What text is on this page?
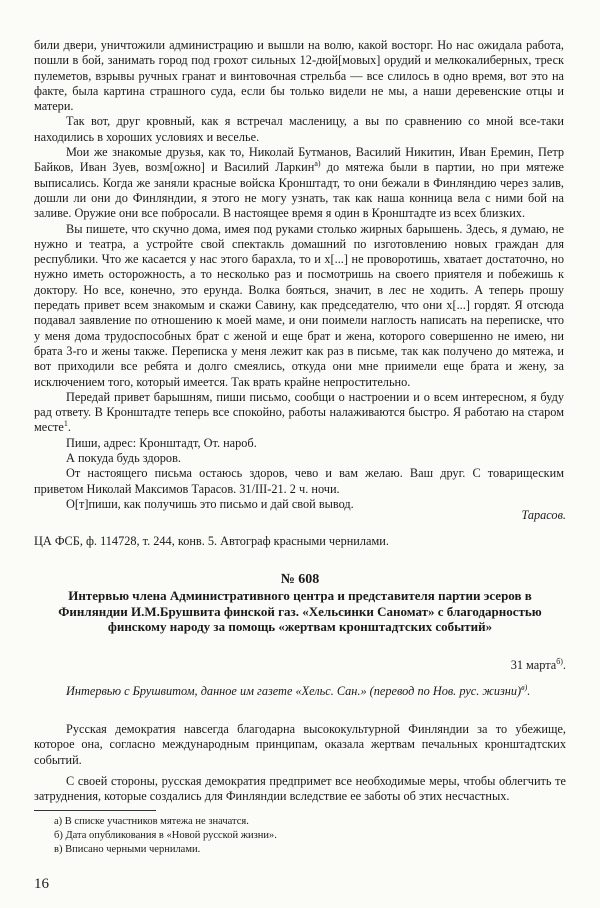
били двери, уничтожили администрацию и вышли на волю, какой восторг. Но нас ожидала работа, пошли в бой, занимать город под грохот сильных 12-дюй[мовых] орудий и мелкокалиберных, треск пулеметов, взрывы ручных гранат и винтовочная стрельба — все слилось в одно время, вот это на факте, была картина страшного суда, если бы только видели не мы, а наши деревенские отцы и матери.

Так вот, друг кровный, как я встречал масленицу, а вы по сравнению со мной все-таки находились в хороших условиях и веселье.

Мои же знакомые друзья, как то, Николай Бутманов, Василий Никитин, Иван Еремин, Петр Байков, Иван Зуев, возм[ожно] и Василий Ларкин$^{а)}$ до мятежа были в партии, но при мятеже выписались. Когда же заняли красные войска Кронштадт, то они бежали в Финляндию через залив, дошли ли они до Финляндии, я этого не могу узнать, так как наша конница вела с ними бой на заливе. Оружие они все побросали. В настоящее время я один в Кронштадте из всех близких.

Вы пишете, что скучно дома, имея под руками столько жирных барышень. Здесь, я думаю, не нужно и театра, а устройте свой спектакль домашний по изготовлению новых граждан для республики. Что же касается у нас этого барахла, то и х[...] не проворотишь, хватает достаточно, но нужно иметь осторожность, а то несколько раз и посмотришь на своего приятеля и побежишь к доктору. Но все, конечно, это ерунда. Волка бояться, значит, в лес не ходить. А теперь прошу передать привет всем знакомым и скажи Савину, как председателю, что они х[...] гордят. Я отсюда подавал заявление по отношению к моей маме, и они поимели наглость написать на переписке, что у меня дома трудоспособных брат с женой и еще брат и жена, которого совершенно не имею, ни брата 3-го и жены также. Переписка у меня лежит как раз в письме, так как получено до мятежа, и вот приходили все ребята и долго смеялись, откуда они мне приимели еще брата и жену, за исключением того, который имеется. Так врать крайне непростительно.

Передай привет барышням, пиши письмо, сообщи о настроении и о всем интересном, я буду рад ответу. В Кронштадте теперь все спокойно, работы налаживаются быстро. Я работаю на старом месте$^1$.

Пиши, адрес: Кронштадт, От. нароб.

А покуда будь здоров.

От настоящего письма остаюсь здоров, чево и вам желаю. Ваш друг. С товарищеским приветом Николай Максимов Тарасов. 31/III-21. 2 ч. ночи.

О[т]пиши, как получишь это письмо и дай свой вывод.

Тарасов.
ЦА ФСБ, ф. 114728, т. 244, конв. 5. Автограф красными чернилами.
№ 608
Интервью члена Административного центра и представителя партии эсеров в Финляндии И.М.Брушвита финской газ. «Хельсинки Саномат» с благодарностью финскому народу за помощь «жертвам кронштадтских событий»
31 марта$^{б)}$.
Интервью с Брушвитом, данное им газете «Хельс. Сан.» (перевод по Нов. рус. жизни)$^{в)}$.

Русская демократия навсегда благодарна высококультурной Финляндии за то убежище, которое она, согласно международным принципам, оказала жертвам печальных кронштадтских событий.

С своей стороны, русская демократия предпримет все необходимые меры, чтобы облегчить те затруднения, которые создались для Финляндии вследствие ее заботы об этих несчастных.

а) В списке участников мятежа не значатся.
б) Дата опубликования в «Новой русской жизни».
в) Вписано черными чернилами.
16
